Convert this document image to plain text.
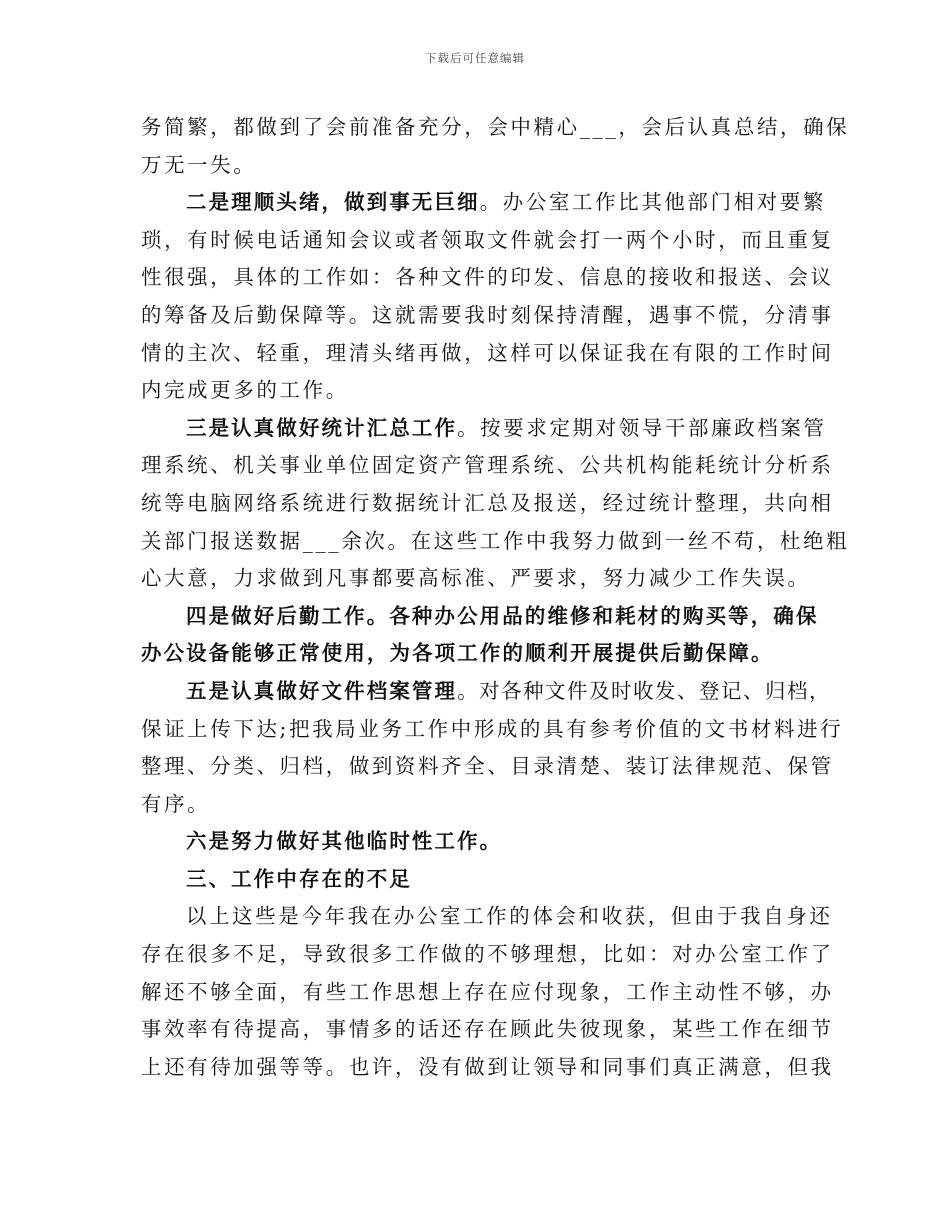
下载后可任意编辑
务简繁，都做到了会前准备充分，会中精心___，会后认真总结，确保
万无一失。
二是理顺头绪，做到事无巨细。办公室工作比其他部门相对要繁
琐，有时候电话通知会议或者领取文件就会打一两个小时，而且重复
性很强，具体的工作如：各种文件的印发、信息的接收和报送、会议
的筹备及后勤保障等。这就需要我时刻保持清醒，遇事不慌，分清事
情的主次、轻重，理清头绪再做，这样可以保证我在有限的工作时间
内完成更多的工作。
三是认真做好统计汇总工作。按要求定期对领导干部廉政档案管
理系统、机关事业单位固定资产管理系统、公共机构能耗统计分析系
统等电脑网络系统进行数据统计汇总及报送，经过统计整理，共向相
关部门报送数据___余次。在这些工作中我努力做到一丝不苟，杜绝粗
心大意，力求做到凡事都要高标准、严要求，努力减少工作失误。
四是做好后勤工作。各种办公用品的维修和耗材的购买等，确保
办公设备能够正常使用，为各项工作的顺利开展提供后勤保障。
五是认真做好文件档案管理。对各种文件及时收发、登记、归档，
保证上传下达;把我局业务工作中形成的具有参考价值的文书材料进行
整理、分类、归档，做到资料齐全、目录清楚、装订法律规范、保管
有序。
六是努力做好其他临时性工作。
三、工作中存在的不足
以上这些是今年我在办公室工作的体会和收获，但由于我自身还
存在很多不足，导致很多工作做的不够理想，比如：对办公室工作了
解还不够全面，有些工作思想上存在应付现象，工作主动性不够，办
事效率有待提高，事情多的话还存在顾此失彼现象，某些工作在细节
上还有待加强等等。也许，没有做到让领导和同事们真正满意，但我
